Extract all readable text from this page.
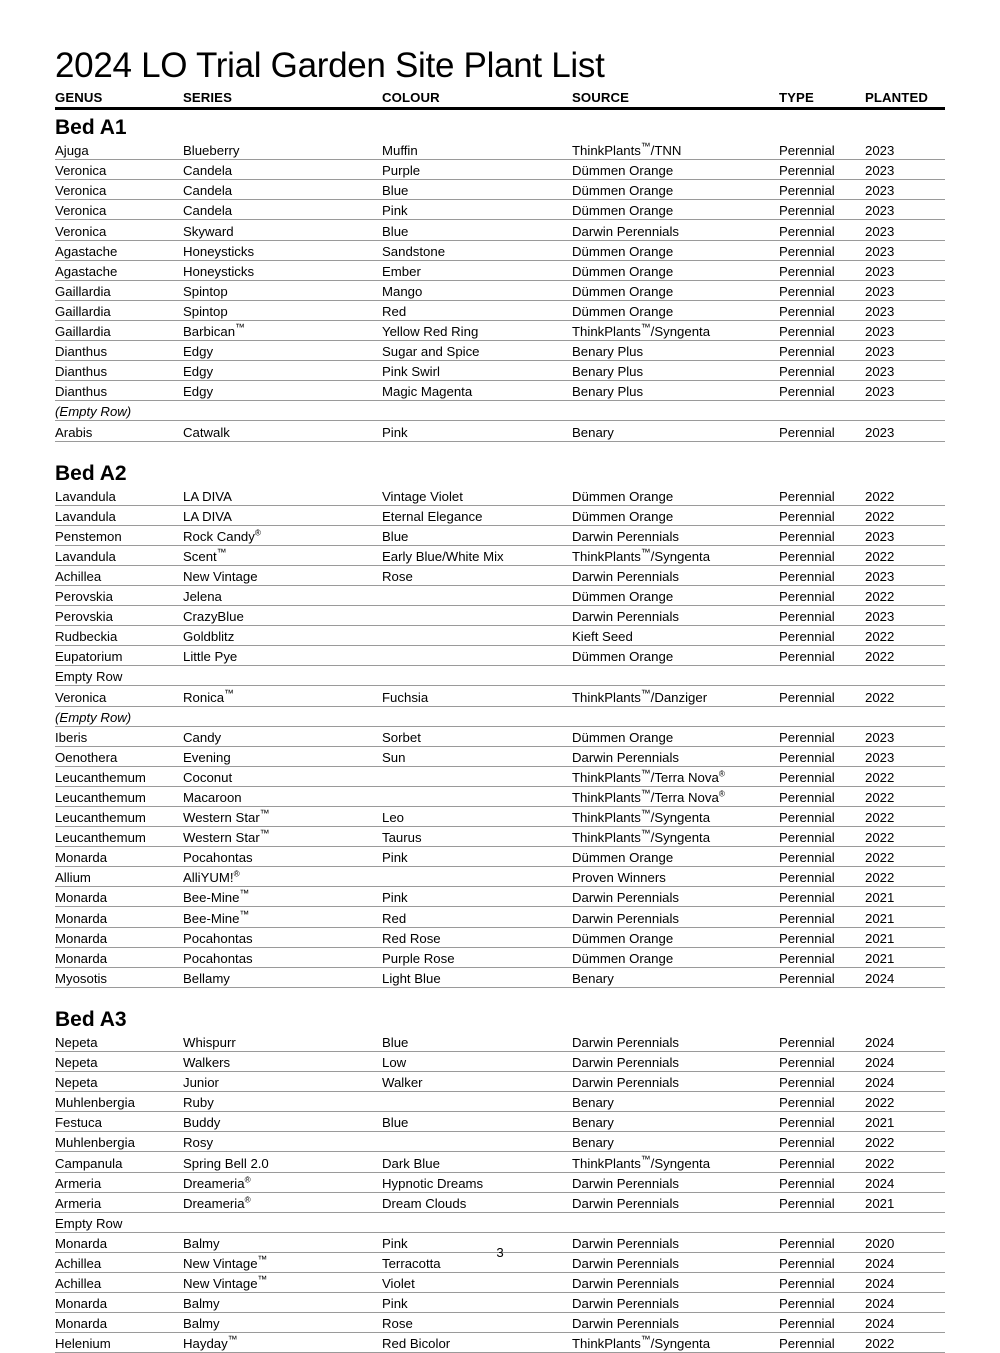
2024 LO Trial Garden Site Plant List
GENUS	SERIES	COLOUR	SOURCE	TYPE	PLANTED
Bed A1					
Ajuga	Blueberry	Muffin	ThinkPlants™/TNN	Perennial	2023
Veronica	Candela	Purple	Dümmen Orange	Perennial	2023
Veronica	Candela	Blue	Dümmen Orange	Perennial	2023
Veronica	Candela	Pink	Dümmen Orange	Perennial	2023
Veronica	Skyward	Blue	Darwin Perennials	Perennial	2023
Agastache	Honeysticks	Sandstone	Dümmen Orange	Perennial	2023
Agastache	Honeysticks	Ember	Dümmen Orange	Perennial	2023
Gaillardia	Spintop	Mango	Dümmen Orange	Perennial	2023
Gaillardia	Spintop	Red	Dümmen Orange	Perennial	2023
Gaillardia	Barbican™	Yellow Red Ring	ThinkPlants™/Syngenta	Perennial	2023
Dianthus	Edgy	Sugar and Spice	Benary Plus	Perennial	2023
Dianthus	Edgy	Pink Swirl	Benary Plus	Perennial	2023
Dianthus	Edgy	Magic Magenta	Benary Plus	Perennial	2023
(Empty Row)					
Arabis	Catwalk	Pink	Benary	Perennial	2023

Bed A2					
Lavandula	LA DIVA	Vintage Violet	Dümmen Orange	Perennial	2022
Lavandula	LA DIVA	Eternal Elegance	Dümmen Orange	Perennial	2022
Penstemon	Rock Candy®	Blue	Darwin Perennials	Perennial	2023
Lavandula	Scent™	Early Blue/White Mix	ThinkPlants™/Syngenta	Perennial	2022
Achillea	New Vintage	Rose	Darwin Perennials	Perennial	2023
Perovskia	Jelena		Dümmen Orange	Perennial	2022
Perovskia	CrazyBlue		Darwin Perennials	Perennial	2023
Rudbeckia	Goldblitz		Kieft Seed	Perennial	2022
Eupatorium	Little Pye		Dümmen Orange	Perennial	2022
Empty Row					
Veronica	Ronica™	Fuchsia	ThinkPlants™/Danziger	Perennial	2022
(Empty Row)					
Iberis	Candy	Sorbet	Dümmen Orange	Perennial	2023
Oenothera	Evening	Sun	Darwin Perennials	Perennial	2023
Leucanthemum	Coconut		ThinkPlants™/Terra Nova®	Perennial	2022
Leucanthemum	Macaroon		ThinkPlants™/Terra Nova®	Perennial	2022
Leucanthemum	Western Star™	Leo	ThinkPlants™/Syngenta	Perennial	2022
Leucanthemum	Western Star™	Taurus	ThinkPlants™/Syngenta	Perennial	2022
Monarda	Pocahontas	Pink	Dümmen Orange	Perennial	2022
Allium	AlliYUM!®		Proven Winners	Perennial	2022
Monarda	Bee-Mine™	Pink	Darwin Perennials	Perennial	2021
Monarda	Bee-Mine™	Red	Darwin Perennials	Perennial	2021
Monarda	Pocahontas	Red Rose	Dümmen Orange	Perennial	2021
Monarda	Pocahontas	Purple Rose	Dümmen Orange	Perennial	2021
Myosotis	Bellamy	Light Blue	Benary	Perennial	2024

Bed A3					
Nepeta	Whispurr	Blue	Darwin Perennials	Perennial	2024
Nepeta	Walkers	Low	Darwin Perennials	Perennial	2024
Nepeta	Junior	Walker	Darwin Perennials	Perennial	2024
Muhlenbergia	Ruby		Benary	Perennial	2022
Festuca	Buddy	Blue	Benary	Perennial	2021
Muhlenbergia	Rosy		Benary	Perennial	2022
Campanula	Spring Bell 2.0	Dark Blue	ThinkPlants™/Syngenta	Perennial	2022
Armeria	Dreameria®	Hypnotic Dreams	Darwin Perennials	Perennial	2024
Armeria	Dreameria®	Dream Clouds	Darwin Perennials	Perennial	2021
Empty Row					
Monarda	Balmy	Pink	Darwin Perennials	Perennial	2020
Achillea	New Vintage™	Terracotta	Darwin Perennials	Perennial	2024
Achillea	New Vintage™	Violet	Darwin Perennials	Perennial	2024
Monarda	Balmy	Pink	Darwin Perennials	Perennial	2024
Monarda	Balmy	Rose	Darwin Perennials	Perennial	2024
Helenium	Hayday™	Red Bicolor	ThinkPlants™/Syngenta	Perennial	2022
3
